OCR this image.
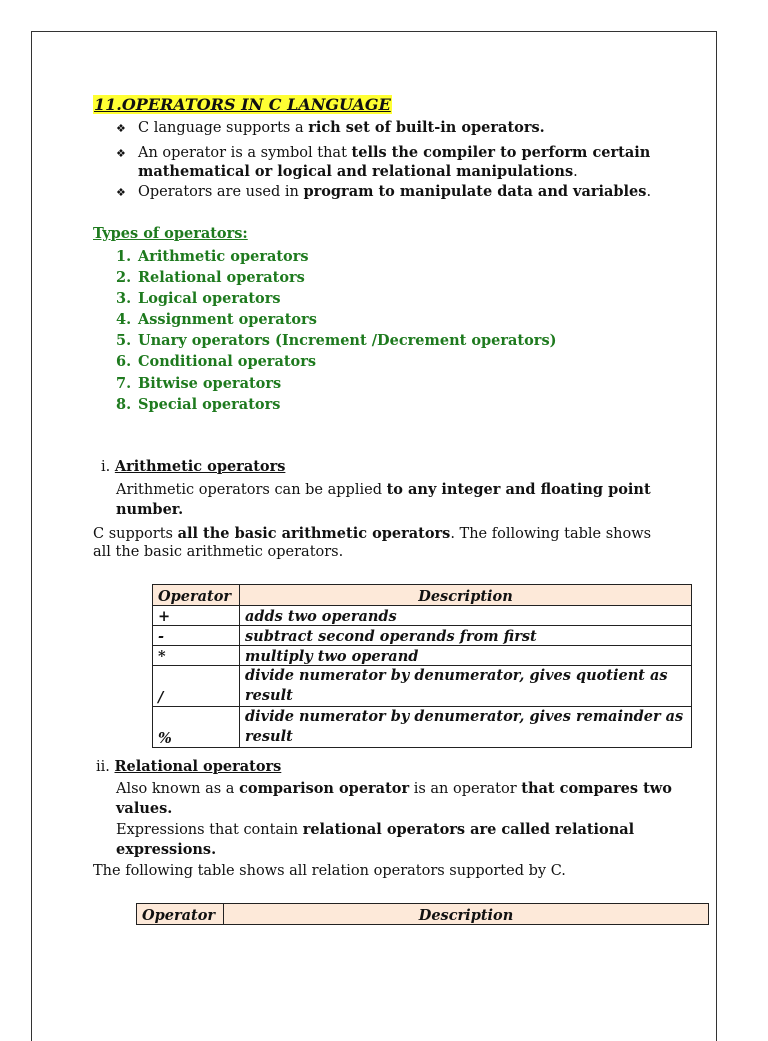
11.OPERATORS IN C LANGUAGE
❖ C language supports a rich set of built-in operators.
❖ An operator is a symbol that tells the compiler to perform certain
mathematical or logical and relational manipulations.
❖ Operators are used in program to manipulate data and variables.
Types of operators:
1. Arithmetic operators
2. Relational operators
3. Logical operators
4. Assignment operators
5. Unary operators (Increment /Decrement operators)
6. Conditional operators
7. Bitwise operators
8. Special operators
i. Arithmetic operators
Arithmetic operators can be applied to any integer and floating point
number.
C supports all the basic arithmetic operators. The following table shows
all the basic arithmetic operators.
Operator	Description
+	adds two operands
-	subtract second operands from first
*	multiply two operand
/	divide numerator by denumerator, gives quotient as
result
%	divide numerator by denumerator, gives remainder as
result
ii. Relational operators
Also known as a comparison operator is an operator that compares two
values.
Expressions that contain relational operators are called relational
expressions.
The following table shows all relation operators supported by C.
Operator	Description
